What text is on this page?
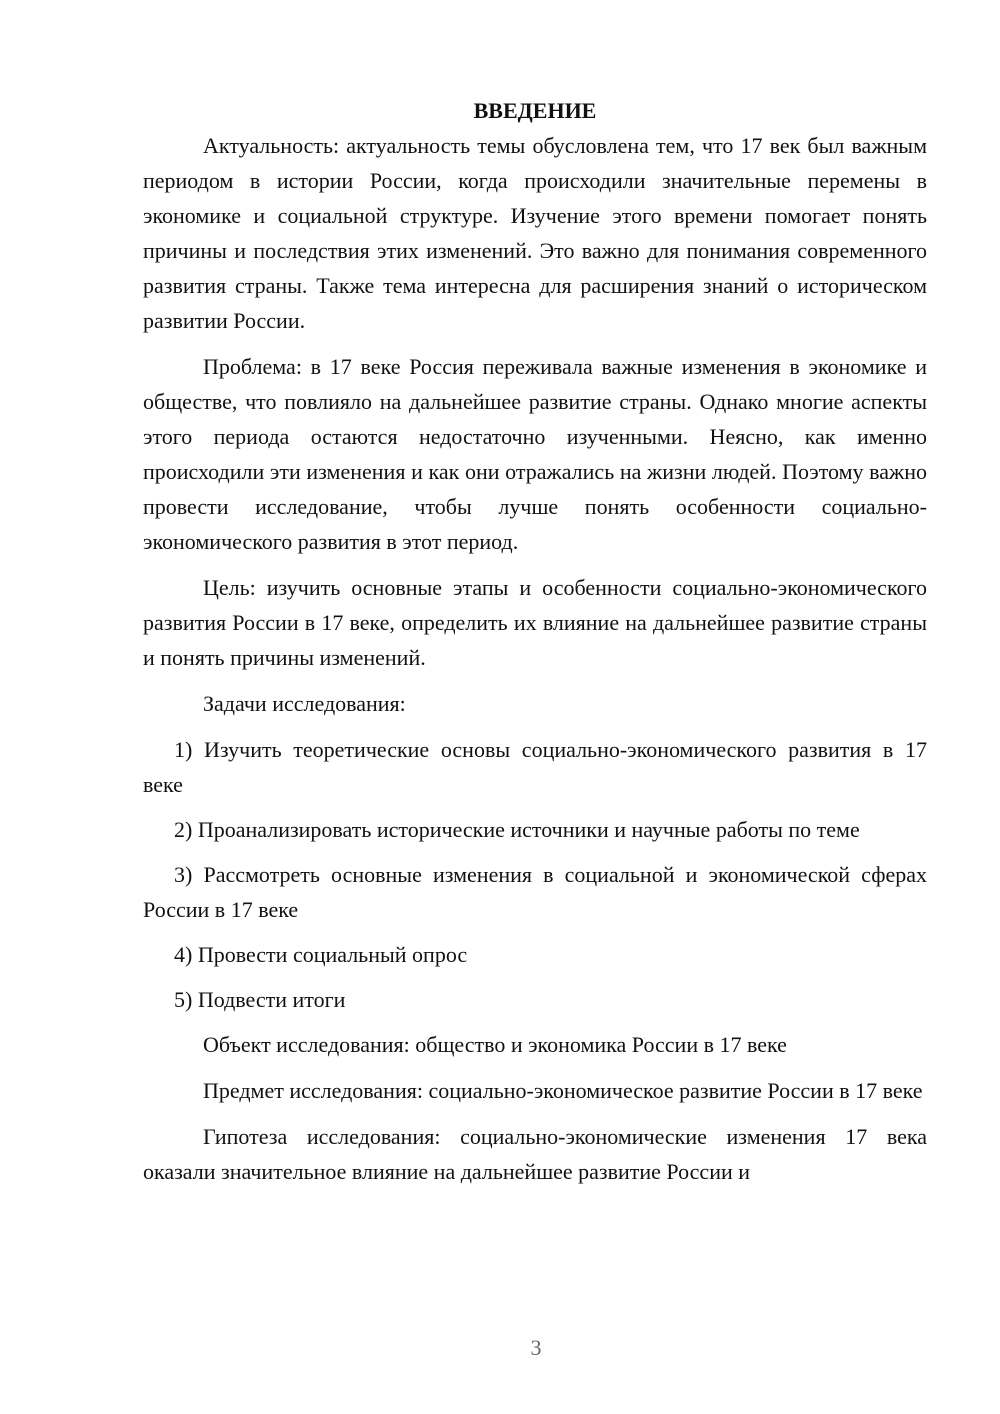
ВВЕДЕНИЕ

Актуальность: актуальность темы обусловлена тем, что 17 век был важным периодом в истории России, когда происходили значительные перемены в экономике и социальной структуре. Изучение этого времени помогает понять причины и последствия этих изменений. Это важно для понимания современного развития страны. Также тема интересна для расширения знаний о историческом развитии России.

Проблема: в 17 веке Россия переживала важные изменения в экономике и обществе, что повлияло на дальнейшее развитие страны. Однако многие аспекты этого периода остаются недостаточно изученными. Неясно, как именно происходили эти изменения и как они отражались на жизни людей. Поэтому важно провести исследование, чтобы лучше понять особенности социально-экономического развития в этот период.

Цель: изучить основные этапы и особенности социально-экономического развития России в 17 веке, определить их влияние на дальнейшее развитие страны и понять причины изменений.

Задачи исследования:

1) Изучить теоретические основы социально-экономического развития в 17 веке

2) Проанализировать исторические источники и научные работы по теме

3) Рассмотреть основные изменения в социальной и экономической сферах России в 17 веке

4) Провести социальный опрос

5) Подвести итоги

Объект исследования: общество и экономика России в 17 веке

Предмет исследования: социально-экономическое развитие России в 17 веке

Гипотеза исследования: социально-экономические изменения 17 века оказали значительное влияние на дальнейшее развитие России и

3
